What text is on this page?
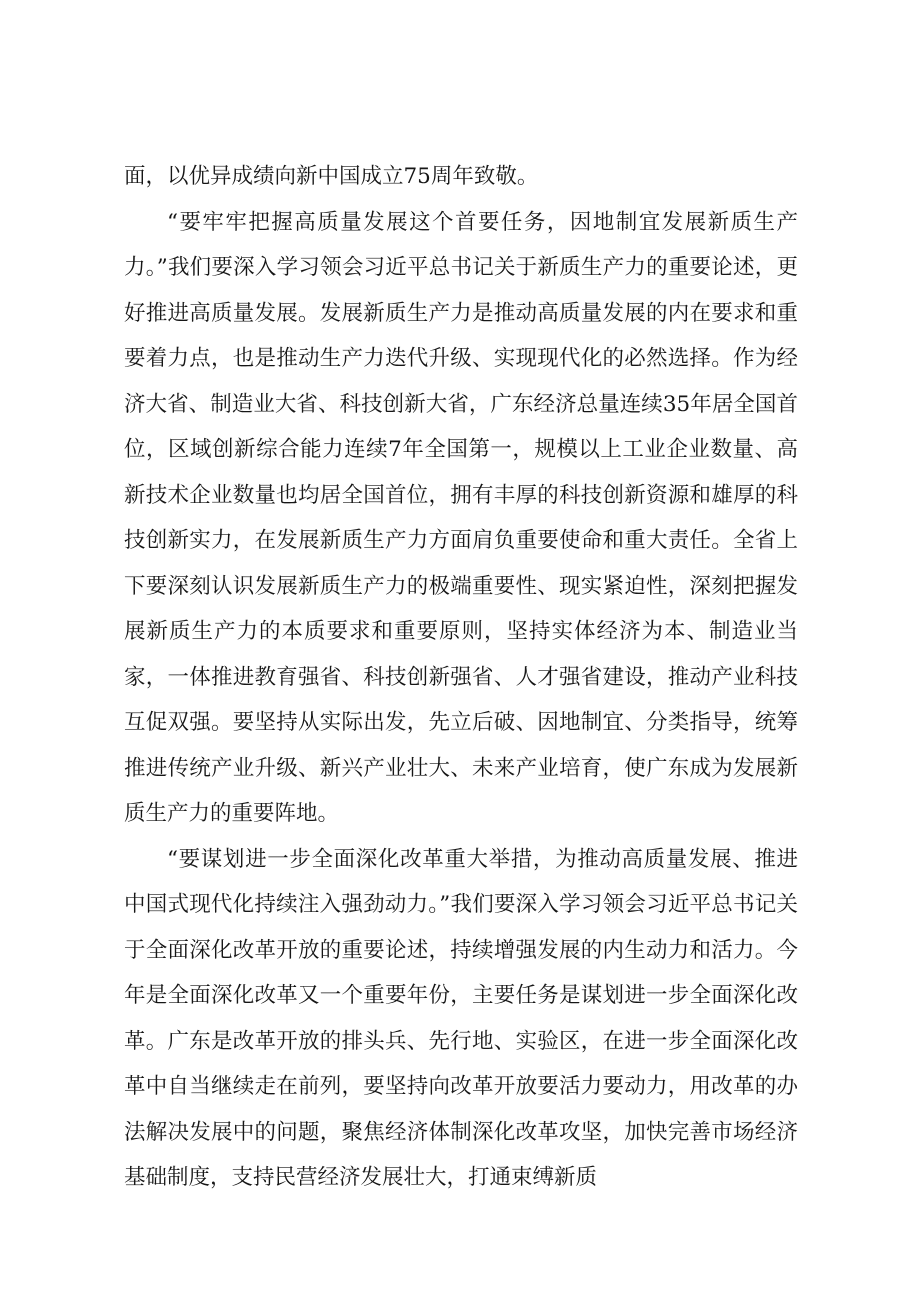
面，以优异成绩向新中国成立75周年致敬。

“要牢牢把握高质量发展这个首要任务，因地制宜发展新质生产力。”我们要深入学习领会习近平总书记关于新质生产力的重要论述，更好推进高质量发展。发展新质生产力是推动高质量发展的内在要求和重要着力点，也是推动生产力迭代升级、实现现代化的必然选择。作为经济大省、制造业大省、科技创新大省，广东经济总量连续35年居全国首位，区域创新综合能力连续7年全国第一，规模以上工业企业数量、高新技术企业数量也均居全国首位，拥有丰厚的科技创新资源和雄厚的科技创新实力，在发展新质生产力方面肩负重要使命和重大责任。全省上下要深刻认识发展新质生产力的极端重要性、现实紧迫性，深刻把握发展新质生产力的本质要求和重要原则，坚持实体经济为本、制造业当家，一体推进教育强省、科技创新强省、人才强省建设，推动产业科技互促双强。要坚持从实际出发，先立后破、因地制宜、分类指导，统筹推进传统产业升级、新兴产业壮大、未来产业培育，使广东成为发展新质生产力的重要阵地。

“要谋划进一步全面深化改革重大举措，为推动高质量发展、推进中国式现代化持续注入强劲动力。”我们要深入学习领会习近平总书记关于全面深化改革开放的重要论述，持续增强发展的内生动力和活力。今年是全面深化改革又一个重要年份，主要任务是谋划进一步全面深化改革。广东是改革开放的排头兵、先行地、实验区，在进一步全面深化改革中自当继续走在前列，要坚持向改革开放要活力要动力，用改革的办法解决发展中的问题，聚焦经济体制深化改革攻坚，加快完善市场经济基础制度，支持民营经济发展壮大，打通束缚新质
